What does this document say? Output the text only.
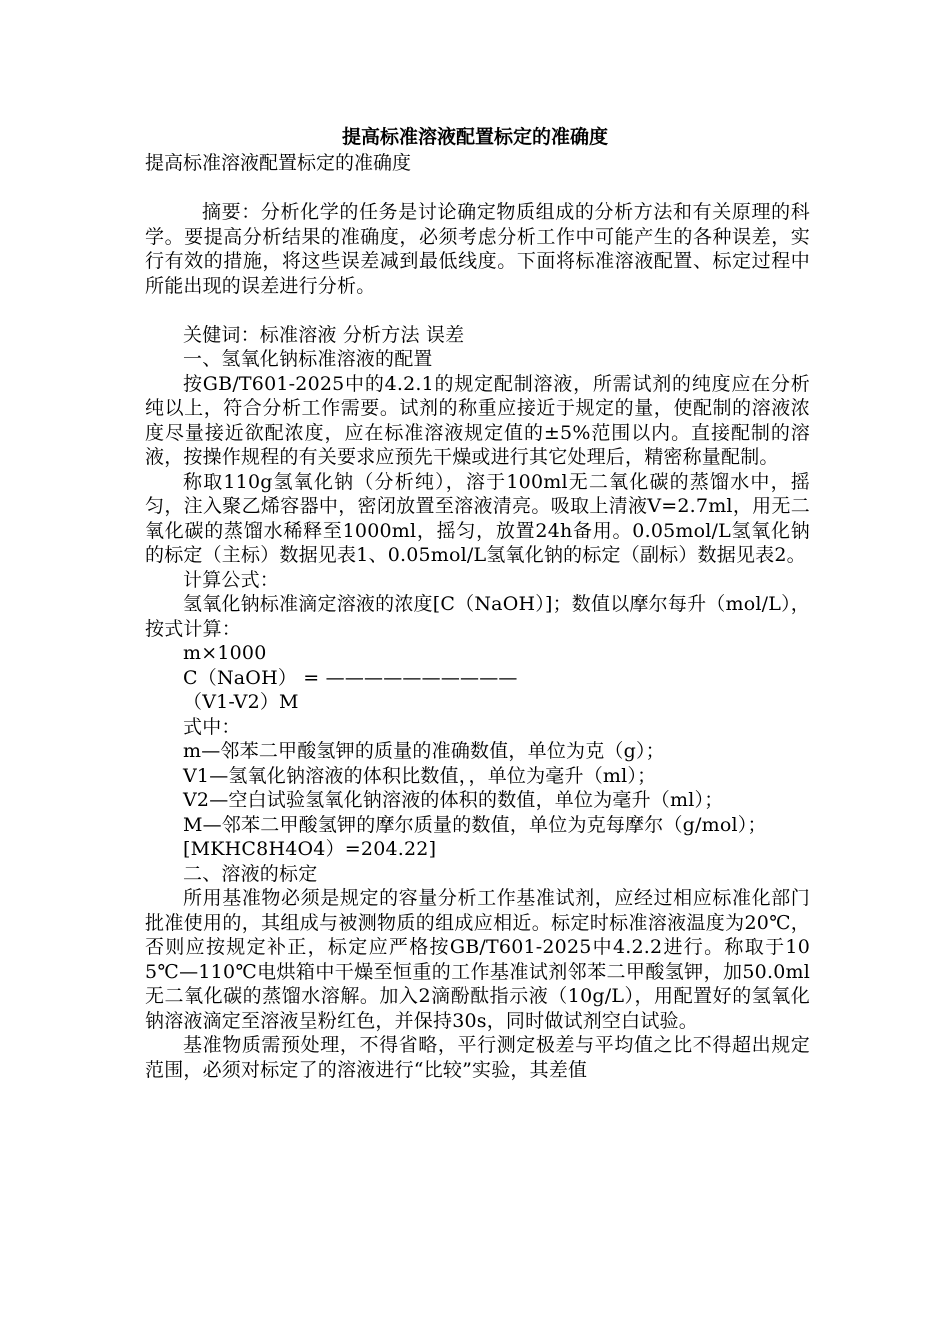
提高标准溶液配置标定的准确度
提高标准溶液配置标定的准确度

摘要：分析化学的任务是讨论确定物质组成的分析方法和有关原理的科学。要提高分析结果的准确度，必须考虑分析工作中可能产生的各种误差，实行有效的措施，将这些误差减到最低线度。下面将标准溶液配置、标定过程中所能出现的误差进行分析。

关健词：标准溶液 分析方法 误差

一、氢氧化钠标准溶液的配置

按GB/T601-2025中的4.2.1的规定配制溶液，所需试剂的纯度应在分析纯以上，符合分析工作需要。试剂的称重应接近于规定的量，使配制的溶液浓度尽量接近欲配浓度，应在标准溶液规定值的±5%范围以内。直接配制的溶液，按操作规程的有关要求应预先干燥或进行其它处理后，精密称量配制。

称取110g氢氧化钠（分析纯），溶于100ml无二氧化碳的蒸馏水中，摇匀，注入聚乙烯容器中，密闭放置至溶液清亮。吸取上清液V=2.7ml，用无二氧化碳的蒸馏水稀释至1000ml，摇匀，放置24h备用。0.05mol/L氢氧化钠的标定（主标）数据见表1、0.05mol/L氢氧化钠的标定（副标）数据见表2。

计算公式：

氢氧化钠标准滴定溶液的浓度[C（NaOH）]；数值以摩尔每升（mol/L），按式计算：

m×1000

C（NaOH） = ——————————

（V1-V2）M

式中：

m—邻苯二甲酸氢钾的质量的准确数值，单位为克（g）；

V1—氢氧化钠溶液的体积比数值，，单位为毫升（ml）；

V2—空白试验氢氧化钠溶液的体积的数值，单位为毫升（ml）；

M—邻苯二甲酸氢钾的摩尔质量的数值，单位为克每摩尔（g/mol）；

[MKHC8H4O4）=204.22]

二、溶液的标定

所用基准物必须是规定的容量分析工作基准试剂，应经过相应标准化部门批准使用的，其组成与被测物质的组成应相近。标定时标准溶液温度为20℃，否则应按规定补正，标定应严格按GB/T601-2025中4.2.2进行。称取于105℃—110℃电烘箱中干燥至恒重的工作基准试剂邻苯二甲酸氢钾，加50.0ml无二氧化碳的蒸馏水溶解。加入2滴酚酞指示液（10g/L），用配置好的氢氧化钠溶液滴定至溶液呈粉红色，并保持30s，同时做试剂空白试验。

基准物质需预处理，不得省略，平行测定极差与平均值之比不得超出规定范围，必须对标定了的溶液进行“比较”实验，其差值
